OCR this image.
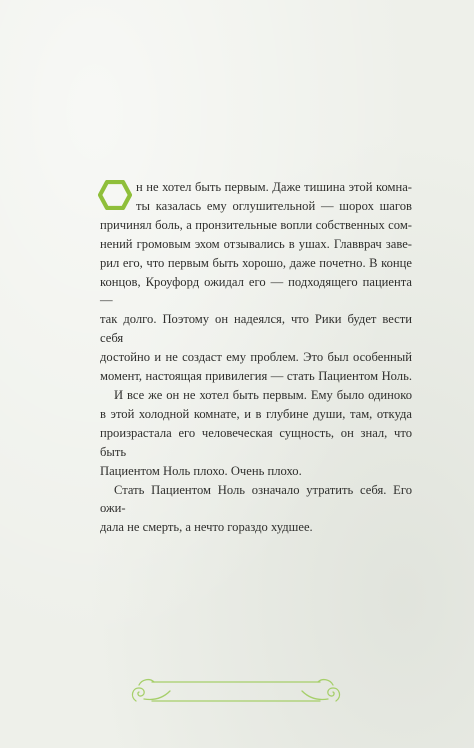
О	н не хотел быть первым. Даже тишина этой комна-
ты казалась ему оглушительной — шорох шагов
причинял боль, а пронзительные вопли собственных сом-
нений громовым эхом отзывались в ушах. Главврач заве-
рил его, что первым быть хорошо, даже почетно. В конце
концов, Кроуфорд ожидал его — подходящего пациента —
так долго. Поэтому он надеялся, что Рики будет вести себя
достойно и не создаст ему проблем. Это был особенный
момент, настоящая привилегия — стать Пациентом Ноль.

И все же он не хотел быть первым. Ему было одиноко
в этой холодной комнате, и в глубине души, там, откуда
произрастала его человеческая сущность, он знал, что быть
Пациентом Ноль плохо. Очень плохо.

Стать Пациентом Ноль означало утратить себя. Его ожи-
дала не смерть, а нечто гораздо худшее.
